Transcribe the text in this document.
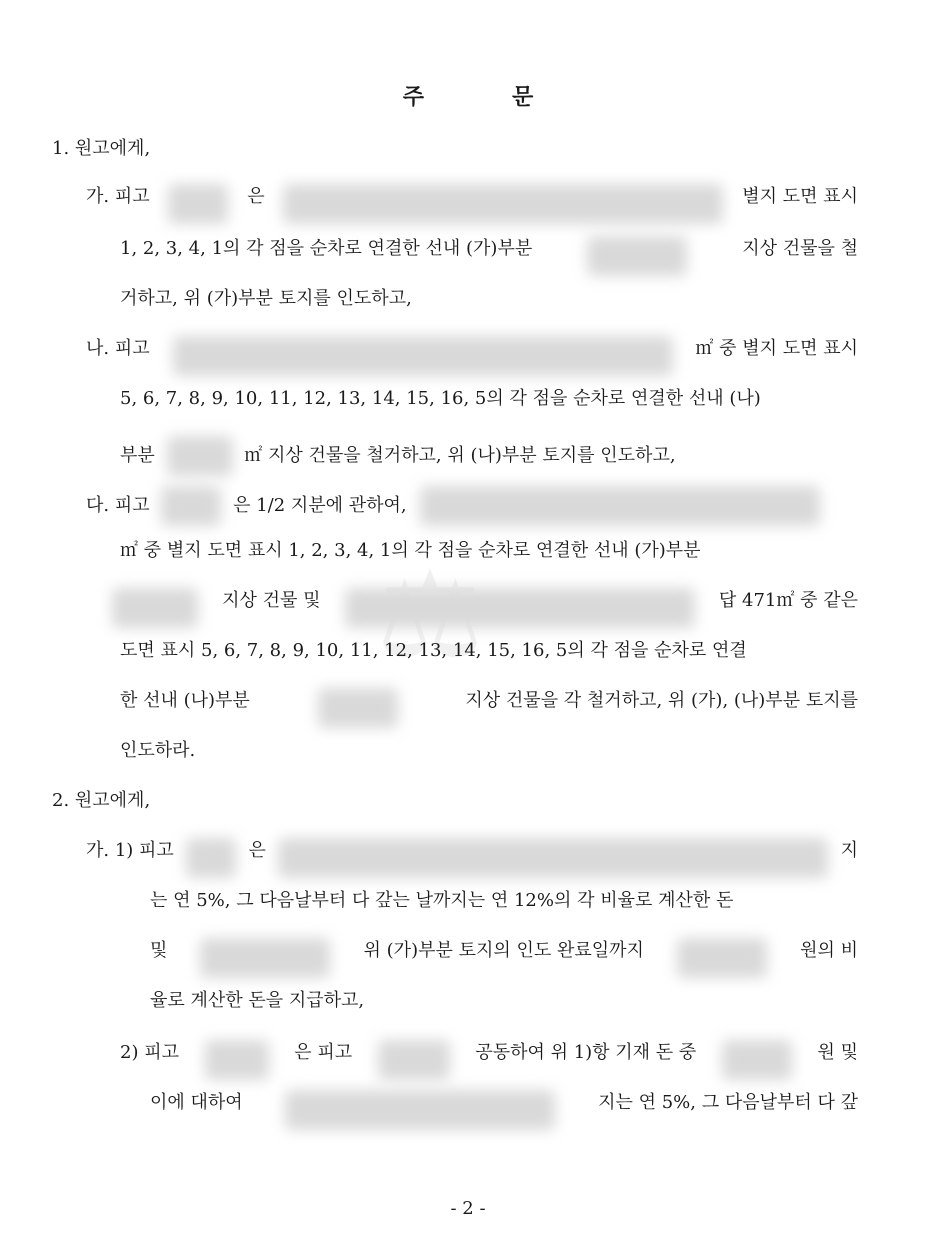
주	문
1. 원고에게,
가. 피고	은	별지 도면 표시
1, 2, 3, 4, 1의 각 점을 순차로 연결한 선내 (가)부분	지상 건물을 철
거하고, 위 (가)부분 토지를 인도하고,
나. 피고	㎡ 중 별지 도면 표시
5, 6, 7, 8, 9, 10, 11, 12, 13, 14, 15, 16, 5의 각 점을 순차로 연결한 선내 (나)
부분	㎡ 지상 건물을 철거하고, 위 (나)부분 토지를 인도하고,
다. 피고	은 1/2 지분에 관하여,
㎡ 중 별지 도면 표시 1, 2, 3, 4, 1의 각 점을 순차로 연결한 선내 (가)부분
지상 건물 및	답 471㎡ 중 같은
도면 표시 5, 6, 7, 8, 9, 10, 11, 12, 13, 14, 15, 16, 5의 각 점을 순차로 연결
한 선내 (나)부분	지상 건물을 각 철거하고, 위 (가), (나)부분 토지를
인도하라.
2. 원고에게,
가. 1) 피고	은	지
는 연 5%, 그 다음날부터 다 갚는 날까지는 연 12%의 각 비율로 계산한 돈
및	위 (가)부분 토지의 인도 완료일까지	원의 비
율로 계산한 돈을 지급하고,
2) 피고	은 피고	공동하여 위 1)항 기재 돈 중	원 및
이에 대하여	지는 연 5%, 그 다음날부터 다 갚
- 2 -
